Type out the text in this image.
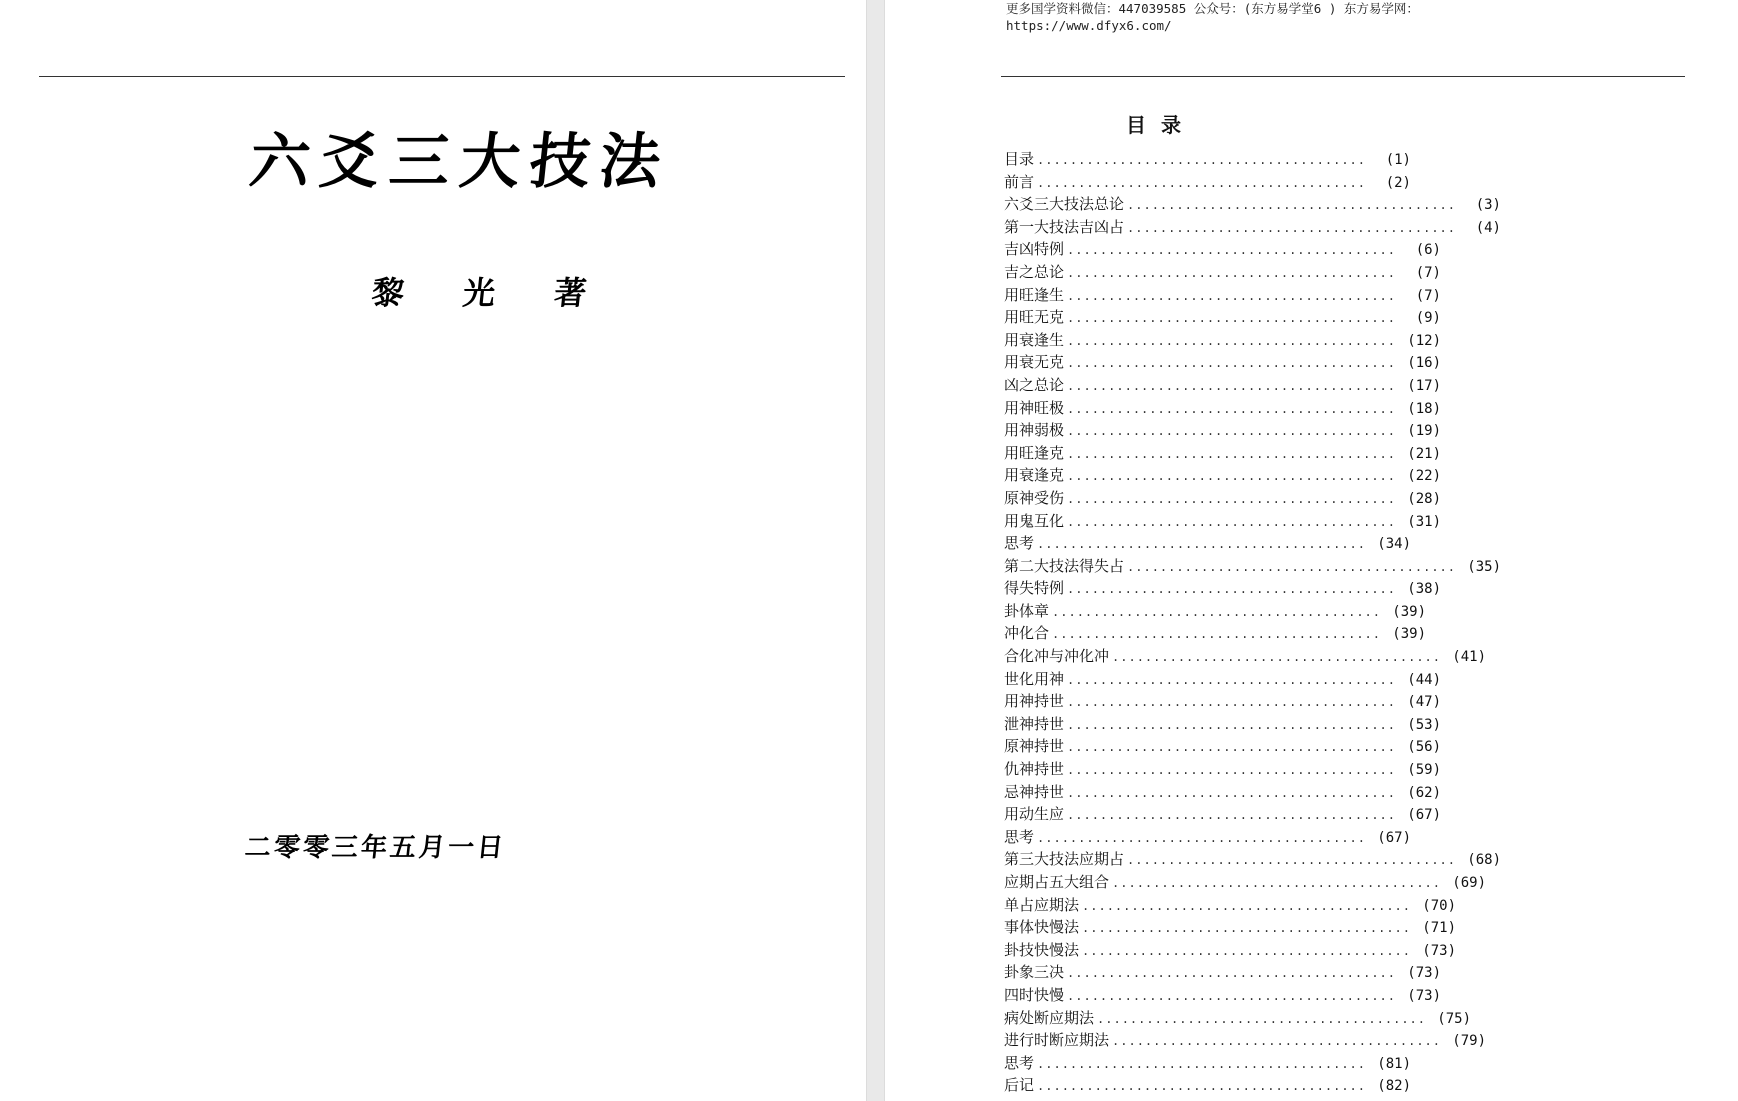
六爻三大技法
黎 光 著
二零零三年五月一日
更多国学资料微信：447039585 公众号：(东方易学堂6 ) 东方易学网：
https://www.dfyx6.com/
目 录
目录 ........................................	(1)
前言 ........................................	(2)
六爻三大技法总论 ........................................	(3)
第一大技法吉凶占 ........................................	(4)
吉凶特例 ........................................	(6)
吉之总论 ........................................	(7)
用旺逢生 ........................................	(7)
用旺无克 ........................................	(9)
用衰逢生 ........................................ (12)
用衰无克 ........................................ (16)
凶之总论 ........................................ (17)
用神旺极 ........................................ (18)
用神弱极 ........................................ (19)
用旺逢克 ........................................ (21)
用衰逢克 ........................................ (22)
原神受伤 ........................................ (28)
用鬼互化 ........................................ (31)
思考 ........................................ (34)
第二大技法得失占 ........................................ (35)
得失特例 ........................................ (38)
卦体章 ........................................ (39)
冲化合 ........................................ (39)
合化冲与冲化冲 ........................................ (41)
世化用神 ........................................ (44)
用神持世 ........................................ (47)
泄神持世 ........................................ (53)
原神持世 ........................................ (56)
仇神持世 ........................................ (59)
忌神持世 ........................................ (62)
用动生应 ........................................ (67)
思考 ........................................ (67)
第三大技法应期占 ........................................ (68)
应期占五大组合 ........................................ (69)
单占应期法 ........................................ (70)
事体快慢法 ........................................ (71)
卦技快慢法 ........................................ (73)
卦象三决 ........................................ (73)
四时快慢 ........................................ (73)
病处断应期法 ........................................ (75)
进行时断应期法 ........................................ (79)
思考 ........................................ (81)
后记 ........................................ (82)
